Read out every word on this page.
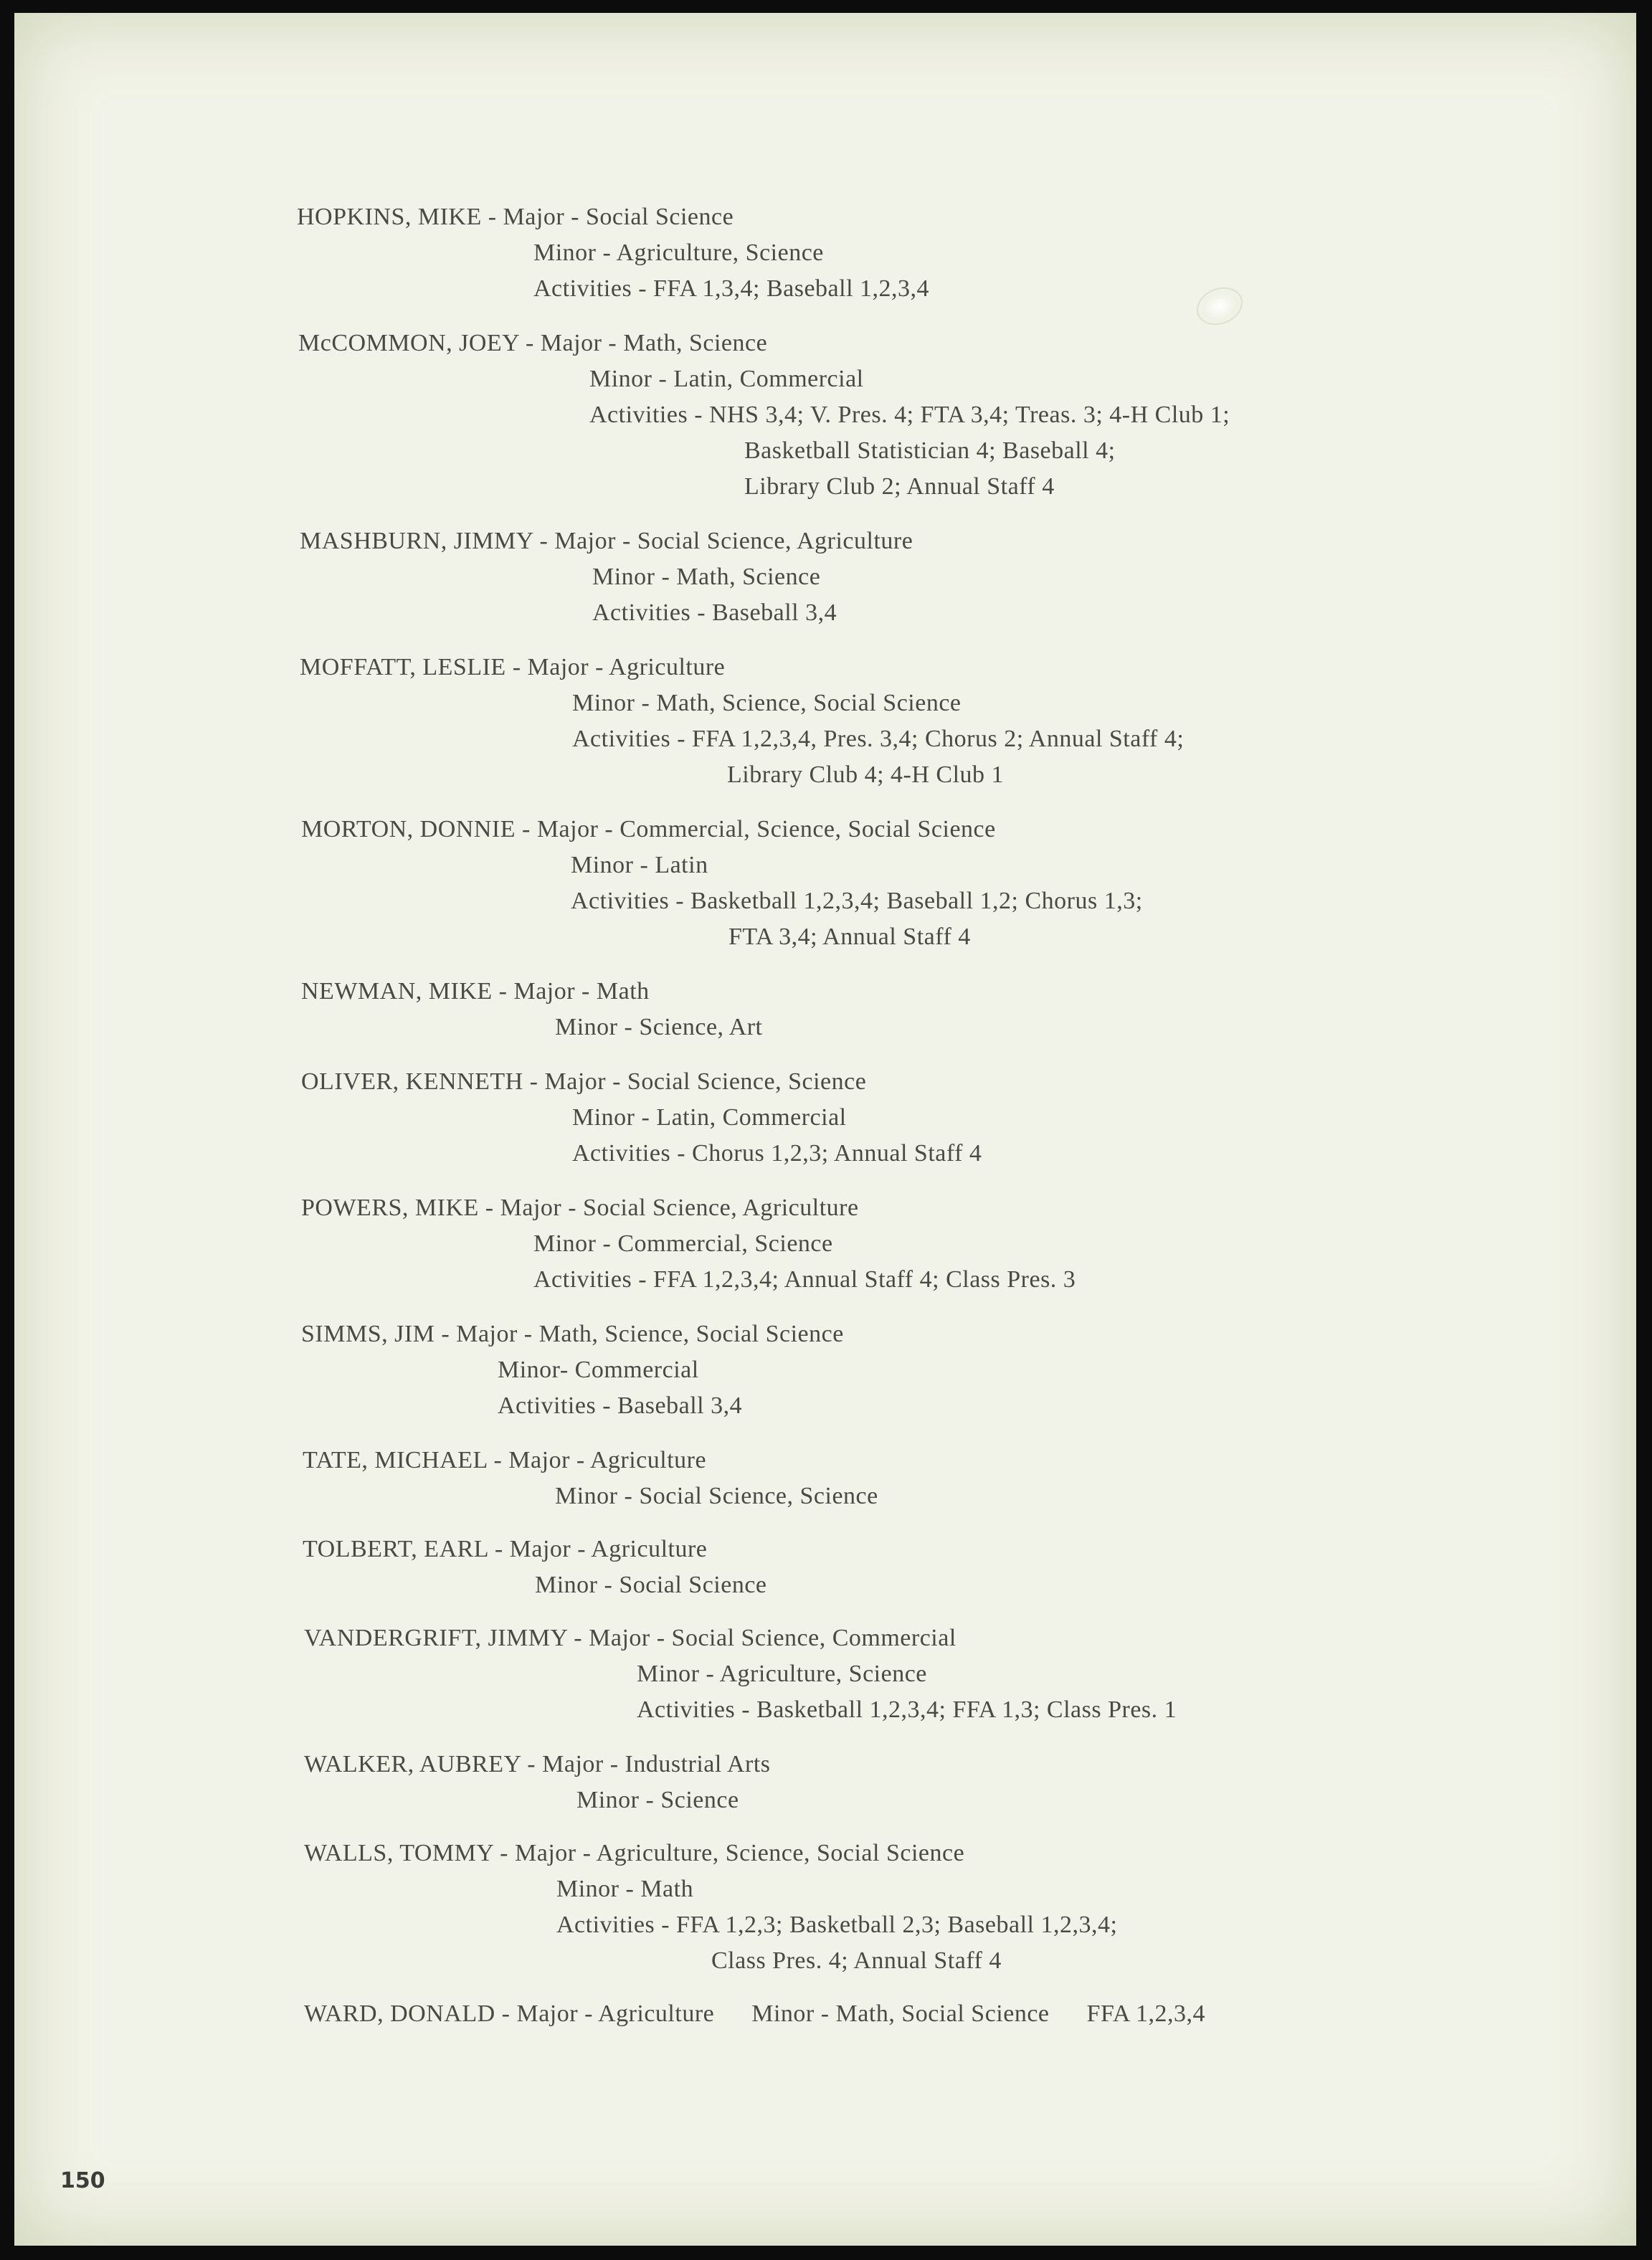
HOPKINS, MIKE - Major - Social Science
Minor - Agriculture, Science
Activities - FFA 1,3,4; Baseball 1,2,3,4
McCOMMON, JOEY - Major - Math, Science
Minor - Latin, Commercial
Activities - NHS 3,4; V. Pres. 4; FTA 3,4; Treas. 3; 4-H Club 1;
Basketball Statistician 4; Baseball 4;
Library Club 2; Annual Staff 4
MASHBURN, JIMMY - Major - Social Science, Agriculture
Minor - Math, Science
Activities - Baseball 3,4
MOFFATT, LESLIE - Major - Agriculture
Minor - Math, Science, Social Science
Activities - FFA 1,2,3,4, Pres. 3,4; Chorus 2; Annual Staff 4;
Library Club 4; 4-H Club 1
MORTON, DONNIE - Major - Commercial, Science, Social Science
Minor - Latin
Activities - Basketball 1,2,3,4; Baseball 1,2; Chorus 1,3;
FTA 3,4; Annual Staff 4
NEWMAN, MIKE - Major - Math
Minor - Science, Art
OLIVER, KENNETH - Major - Social Science, Science
Minor - Latin, Commercial
Activities - Chorus 1,2,3; Annual Staff 4
POWERS, MIKE - Major - Social Science, Agriculture
Minor - Commercial, Science
Activities - FFA 1,2,3,4; Annual Staff 4; Class Pres. 3
SIMMS, JIM - Major - Math, Science, Social Science
Minor- Commercial
Activities - Baseball 3,4
TATE, MICHAEL - Major - Agriculture
Minor - Social Science, Science
TOLBERT, EARL - Major - Agriculture
Minor - Social Science
VANDERGRIFT, JIMMY - Major - Social Science, Commercial
Minor - Agriculture, Science
Activities - Basketball 1,2,3,4; FFA 1,3; Class Pres. 1
WALKER, AUBREY - Major - Industrial Arts
Minor - Science
WALLS, TOMMY - Major - Agriculture, Science, Social Science
Minor - Math
Activities - FFA 1,2,3; Basketball 2,3; Baseball 1,2,3,4;
Class Pres. 4; Annual Staff 4
WARD, DONALD - Major - Agriculture Minor - Math, Social Science FFA 1,2,3,4
150
